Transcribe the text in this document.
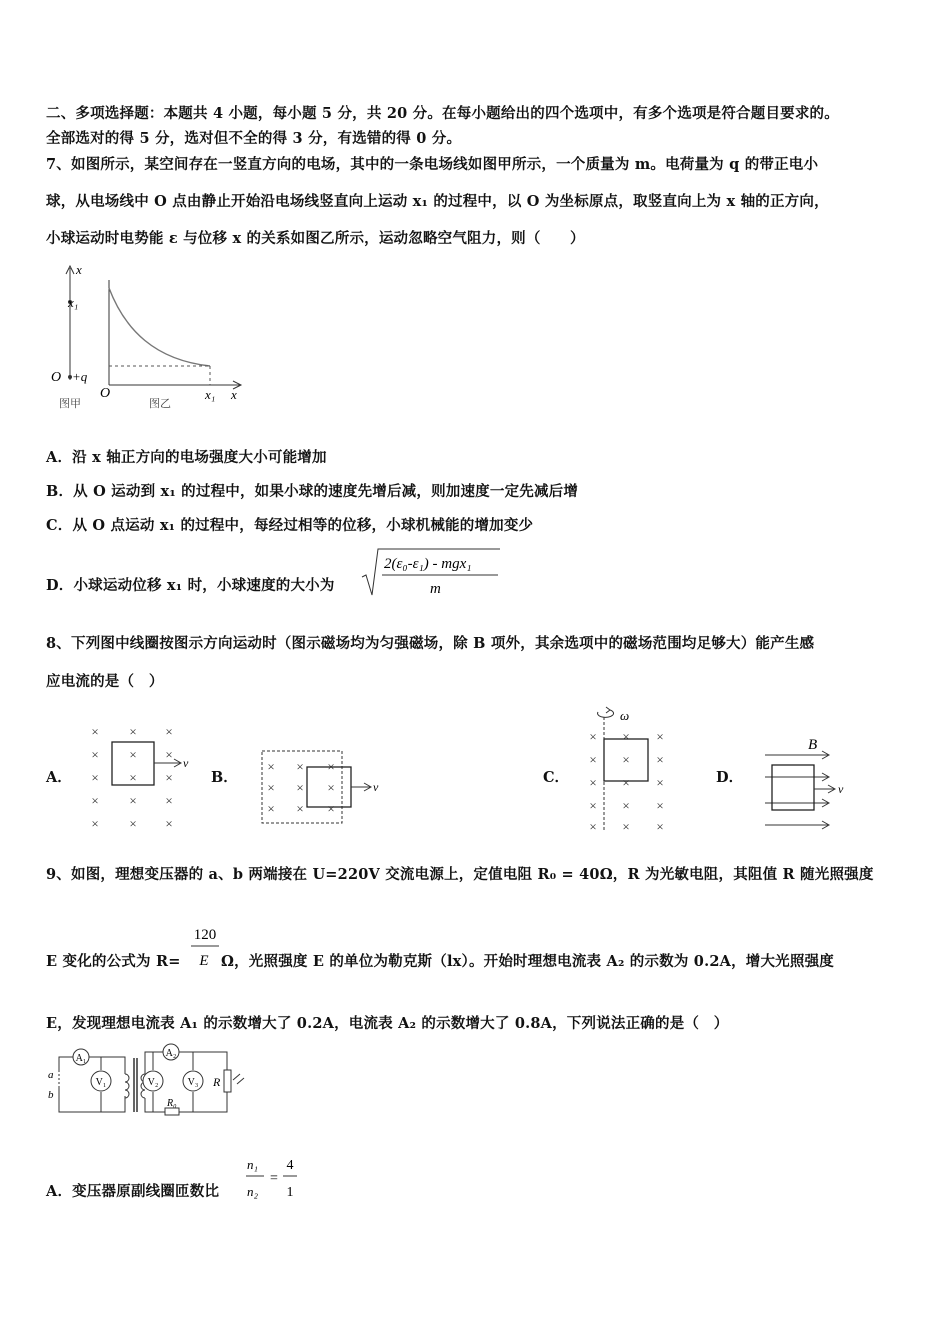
二、多项选择题：本题共 4 小题，每小题 5 分，共 20 分。在每小题给出的四个选项中，有多个选项是符合题目要求的。
全部选对的得 5 分，选对但不全的得 3 分，有选错的得 0 分。
7、如图所示，某空间存在一竖直方向的电场，其中的一条电场线如图甲所示，一个质量为 m。电荷量为 q 的带正电小
球，从电场线中 O 点由静止开始沿电场线竖直向上运动 x₁ 的过程中，以 O 为坐标原点，取竖直向上为 x 轴的正方向，
小球运动时电势能 ε 与位移 x 的关系如图乙所示，运动忽略空气阻力，则（　　）
x
x₁
O +q
图甲
O	x₁ x
图乙
A．沿 x 轴正方向的电场强度大小可能增加
B．从 O 运动到 x₁ 的过程中，如果小球的速度先增后减，则加速度一定先减后增
C．从 O 点运动 x₁ 的过程中，每经过相等的位移，小球机械能的增加变少
D．小球运动位移 x₁ 时，小球速度的大小为
2(ε₀-ε₁) - mgx₁
m
8、下列图中线圈按图示方向运动时（图示磁场均为匀强磁场，除 B 项外，其余选项中的磁场范围均足够大）能产生感
应电流的是（　）
A．
× × ×
× × ×
× × ×
× × ×
× × ×
v
B．
× × ×
× × ×
× × ×
v
C．
ω
× × ×
× × ×
× × ×
× × ×
× × ×
D．
B
v
9、如图，理想变压器的 a、b 两端接在 U=220V 交流电源上，定值电阻 R₀ = 40Ω，R 为光敏电阻，其阻值 R 随光照强度
E 变化的公式为 R=
120
E Ω，光照强度 E 的单位为勒克斯（lx）。开始时理想电流表 A₂ 的示数为 0.2A，增大光照强度
E，发现理想电流表 A₁ 的示数增大了 0.2A，电流表 A₂ 的示数增大了 0.8A，下列说法正确的是（　）
A₁
V₁
A₂
V₂	V₃ R
R₀
a
b
A．变压器原副线圈匝数比
n₁
n₂
=
4
1
